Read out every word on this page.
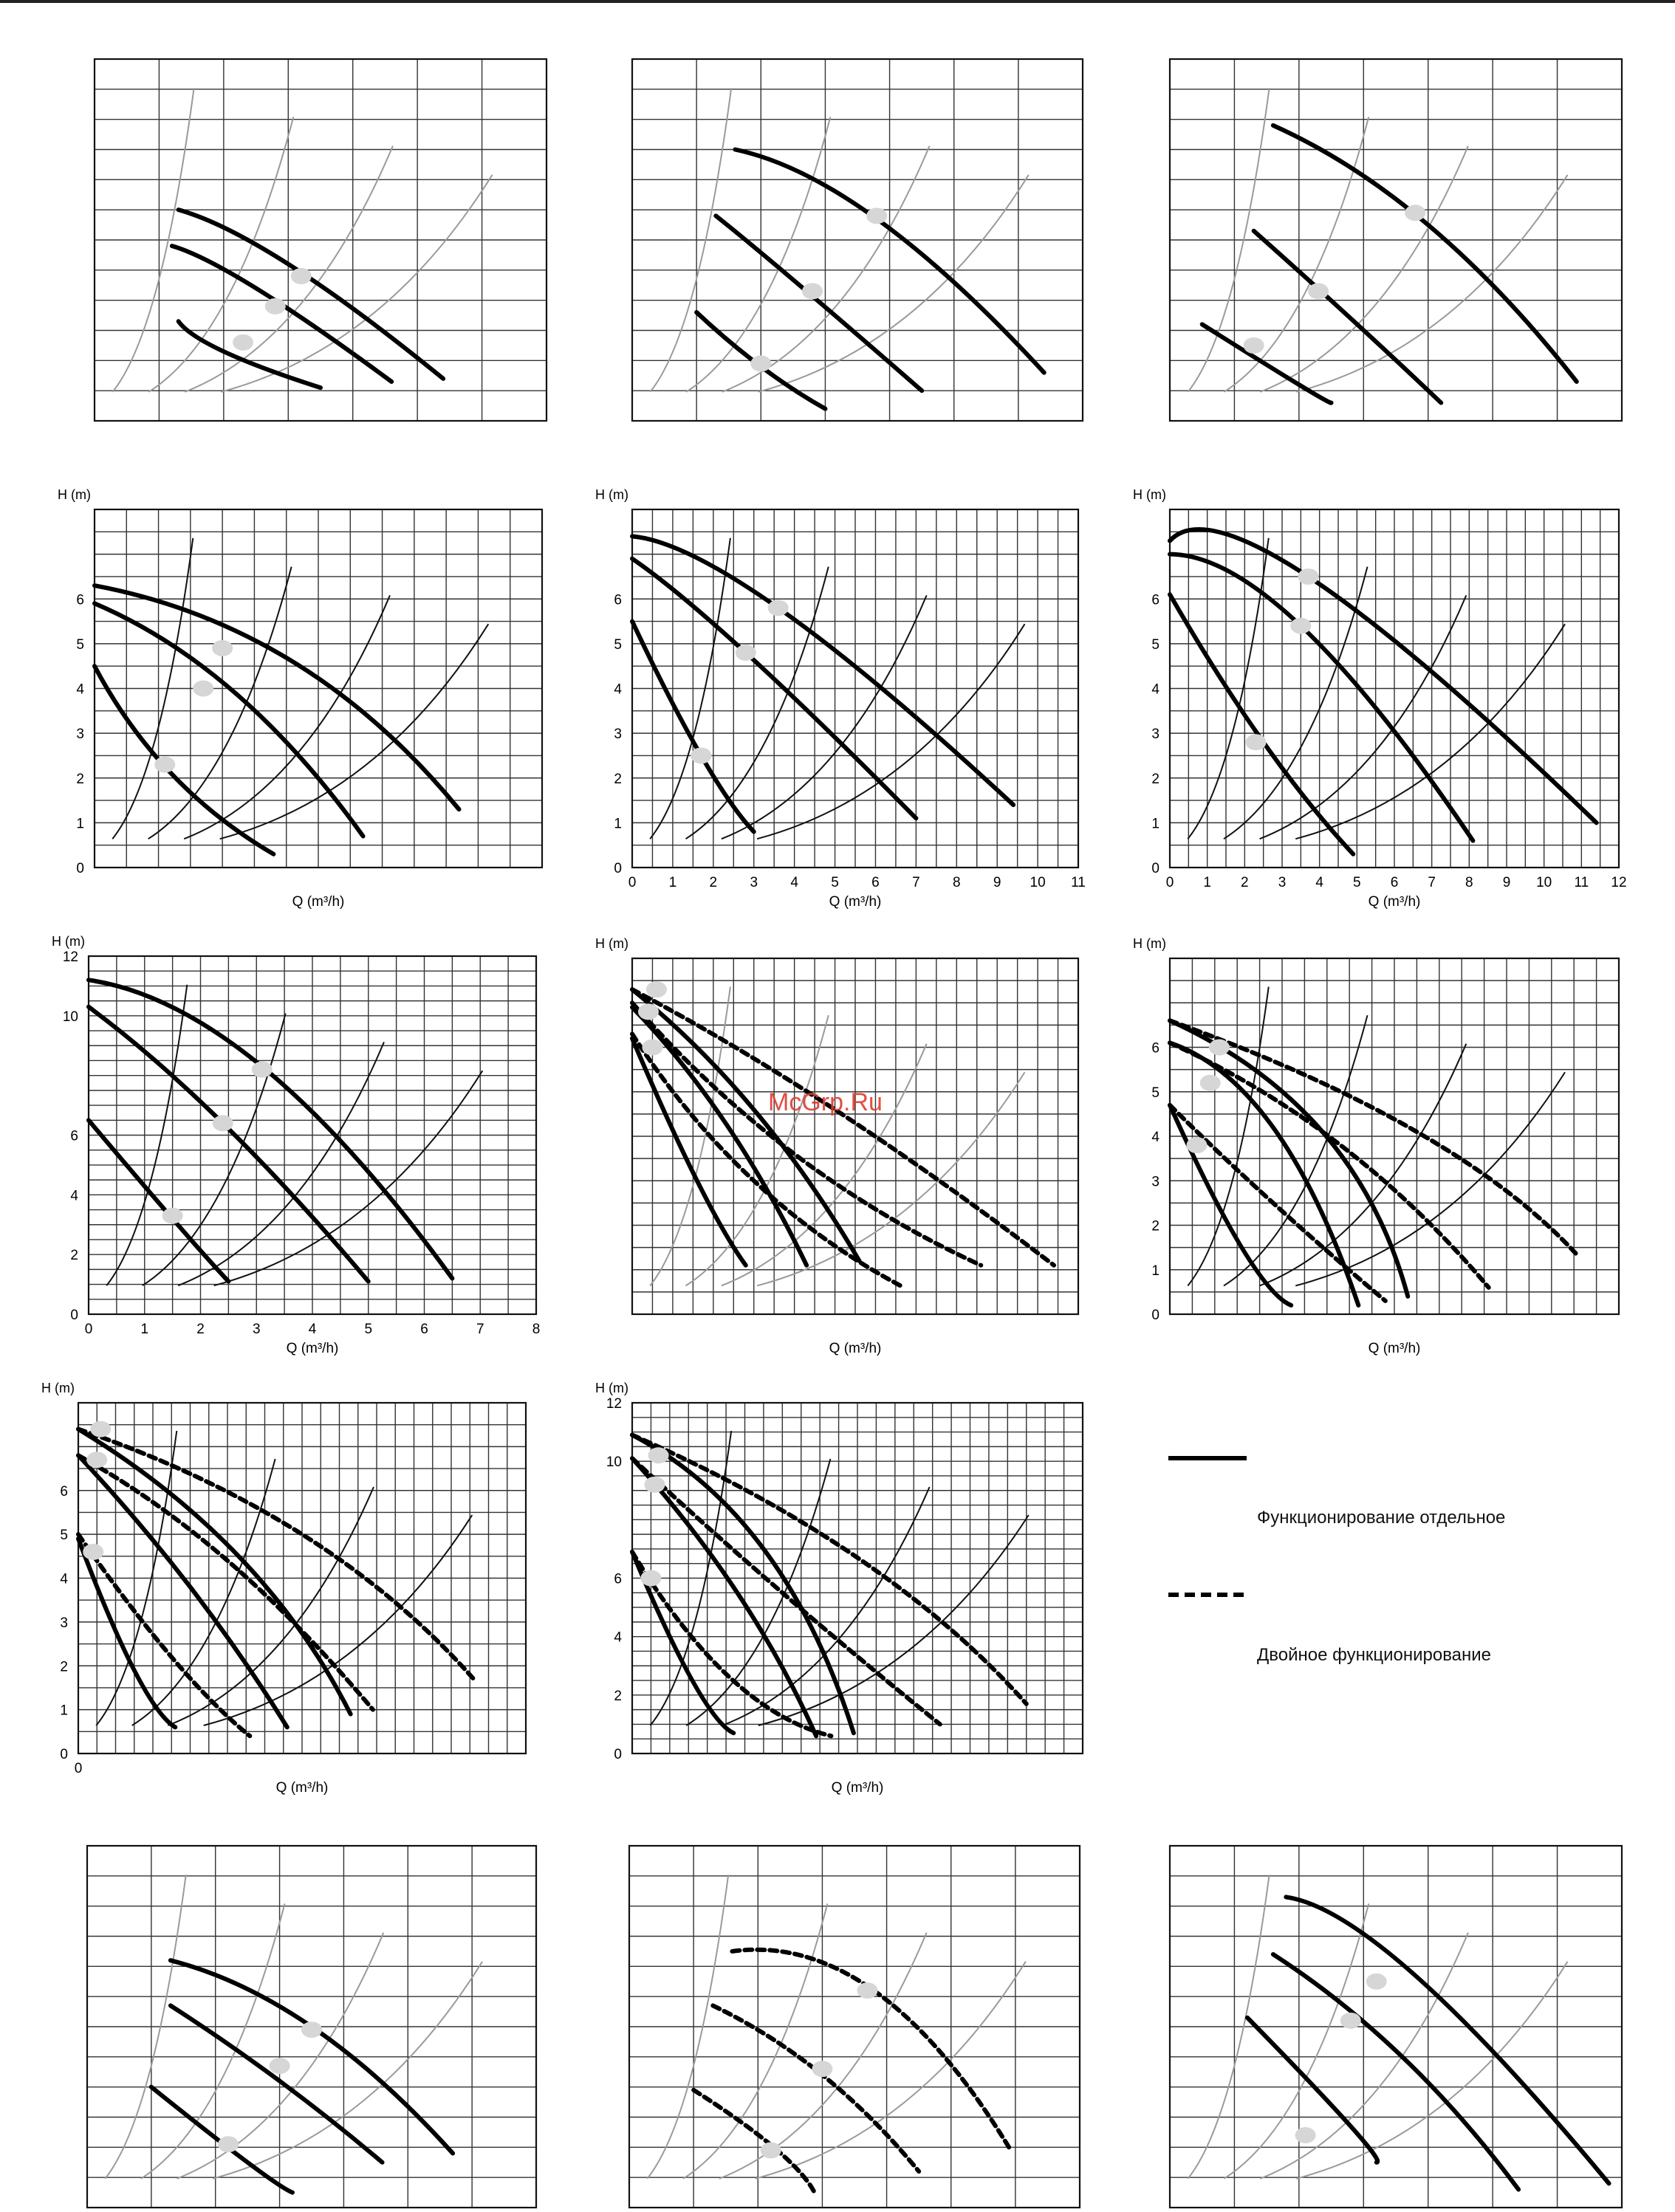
0
1
2
3
4
5
6
H (m)
Q (m³/h)
0
1
2
3
4
5
6
0 1 2 3 4 5 6 7 8 9 10 11
H (m)
Q (m³/h)
0
1
2
3
4
5
6
0 1 2 3 4 5 6 7 8 9 10 11 12
H (m)
Q (m³/h)
0
2
4
6
10
12
0	1	2	3	4	5	6	7	8
H (m)
Q (m³/h)
H (m)
Q (m³/h)
0
1
2
3
4
5
6
H (m)
Q (m³/h)
0
1
2
3
4
5
6
0
H (m)
Q (m³/h)
0
2
4
6
10
12
H (m)
Q (m³/h)
McGrp.Ru
Функционирование отдельное
Двойное функционирование
